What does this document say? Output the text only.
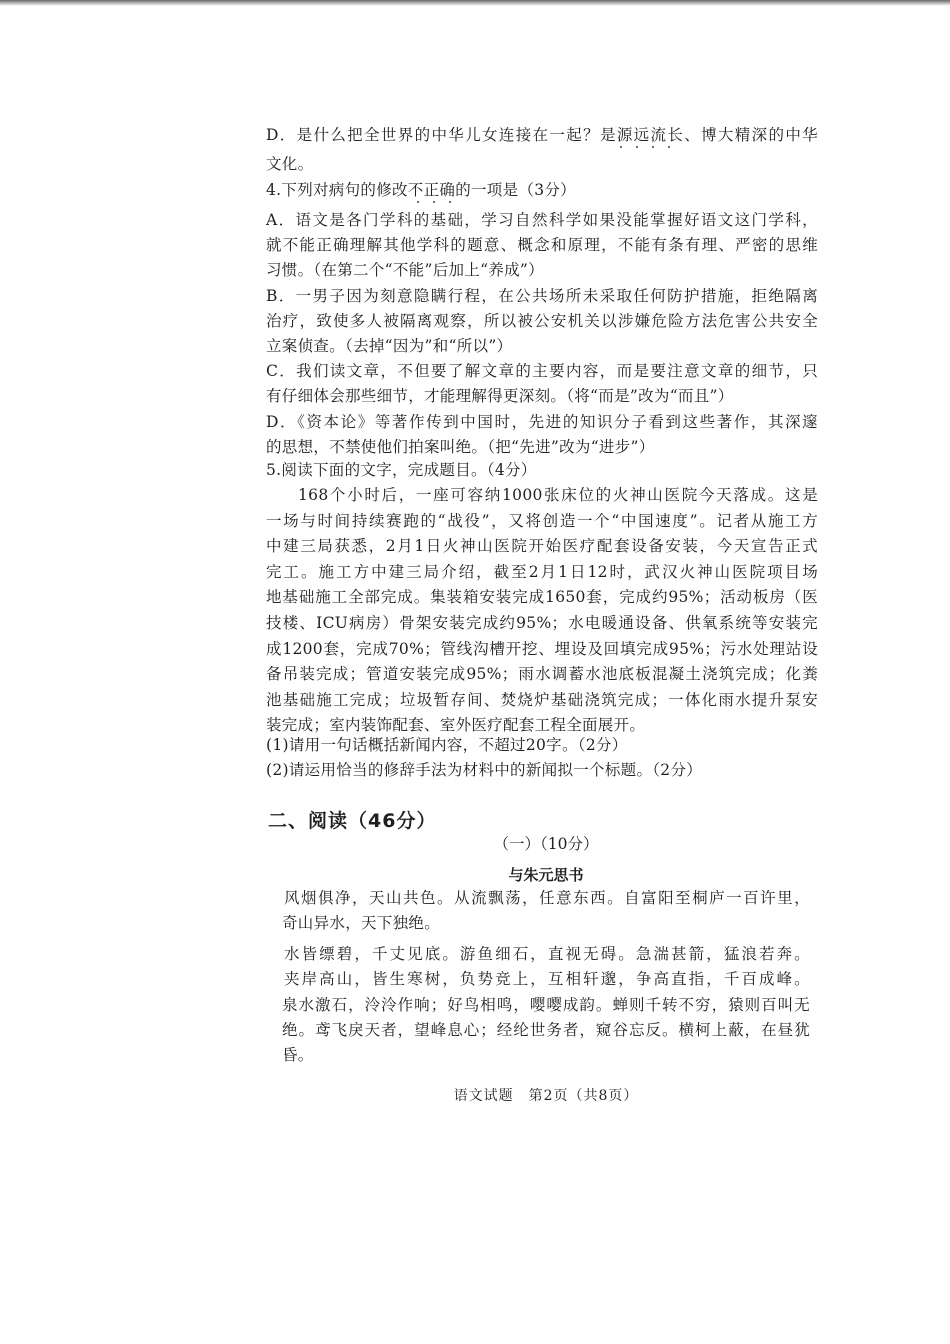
D．是什么把全世界的中华儿女连接在一起？是源远流长、博大精深的中华
文化。
4.下列对病句的修改不正确的一项是（3分）
A．语文是各门学科的基础，学习自然科学如果没能掌握好语文这门学科，
就不能正确理解其他学科的题意、概念和原理，不能有条有理、严密的思维
习惯。（在第二个“不能”后加上“养成”）
B．一男子因为刻意隐瞒行程，在公共场所未采取任何防护措施，拒绝隔离
治疗，致使多人被隔离观察，所以被公安机关以涉嫌危险方法危害公共安全
立案侦查。（去掉“因为”和“所以”）
C．我们读文章，不但要了解文章的主要内容，而是要注意文章的细节，只
有仔细体会那些细节，才能理解得更深刻。（将“而是”改为“而且”）
D．《资本论》等著作传到中国时，先进的知识分子看到这些著作，其深邃
的思想，不禁使他们拍案叫绝。（把“先进”改为“进步”）
5.阅读下面的文字，完成题目。（4分）
168个小时后，一座可容纳1000张床位的火神山医院今天落成。这是
一场与时间持续赛跑的“战役”，又将创造一个“中国速度”。记者从施工方
中建三局获悉，2月1日火神山医院开始医疗配套设备安装，今天宣告正式
完工。施工方中建三局介绍，截至2月1日12时，武汉火神山医院项目场
地基础施工全部完成。集装箱安装完成1650套，完成约95%；活动板房（医
技楼、ICU病房）骨架安装完成约95%；水电暖通设备、供氧系统等安装完
成1200套，完成70%；管线沟槽开挖、埋设及回填完成95%；污水处理站设
备吊装完成；管道安装完成95%；雨水调蓄水池底板混凝土浇筑完成；化粪
池基础施工完成；垃圾暂存间、焚烧炉基础浇筑完成；一体化雨水提升泵安
装完成；室内装饰配套、室外医疗配套工程全面展开。
(1)请用一句话概括新闻内容，不超过20字。（2分）
(2)请运用恰当的修辞手法为材料中的新闻拟一个标题。（2分）
二、阅读（46分）
（一）（10分）
与朱元思书
风烟俱净，天山共色。从流飘荡，任意东西。自富阳至桐庐一百许里，
奇山异水，天下独绝。
水皆缥碧，千丈见底。游鱼细石，直视无碍。急湍甚箭，猛浪若奔。
夹岸高山，皆生寒树，负势竞上，互相轩邈，争高直指，千百成峰。
泉水激石，泠泠作响；好鸟相鸣，嘤嘤成韵。蝉则千转不穷，猿则百叫无
绝。鸢飞戾天者，望峰息心；经纶世务者，窥谷忘反。横柯上蔽，在昼犹
昏。
语文试题　第2页（共8页）
